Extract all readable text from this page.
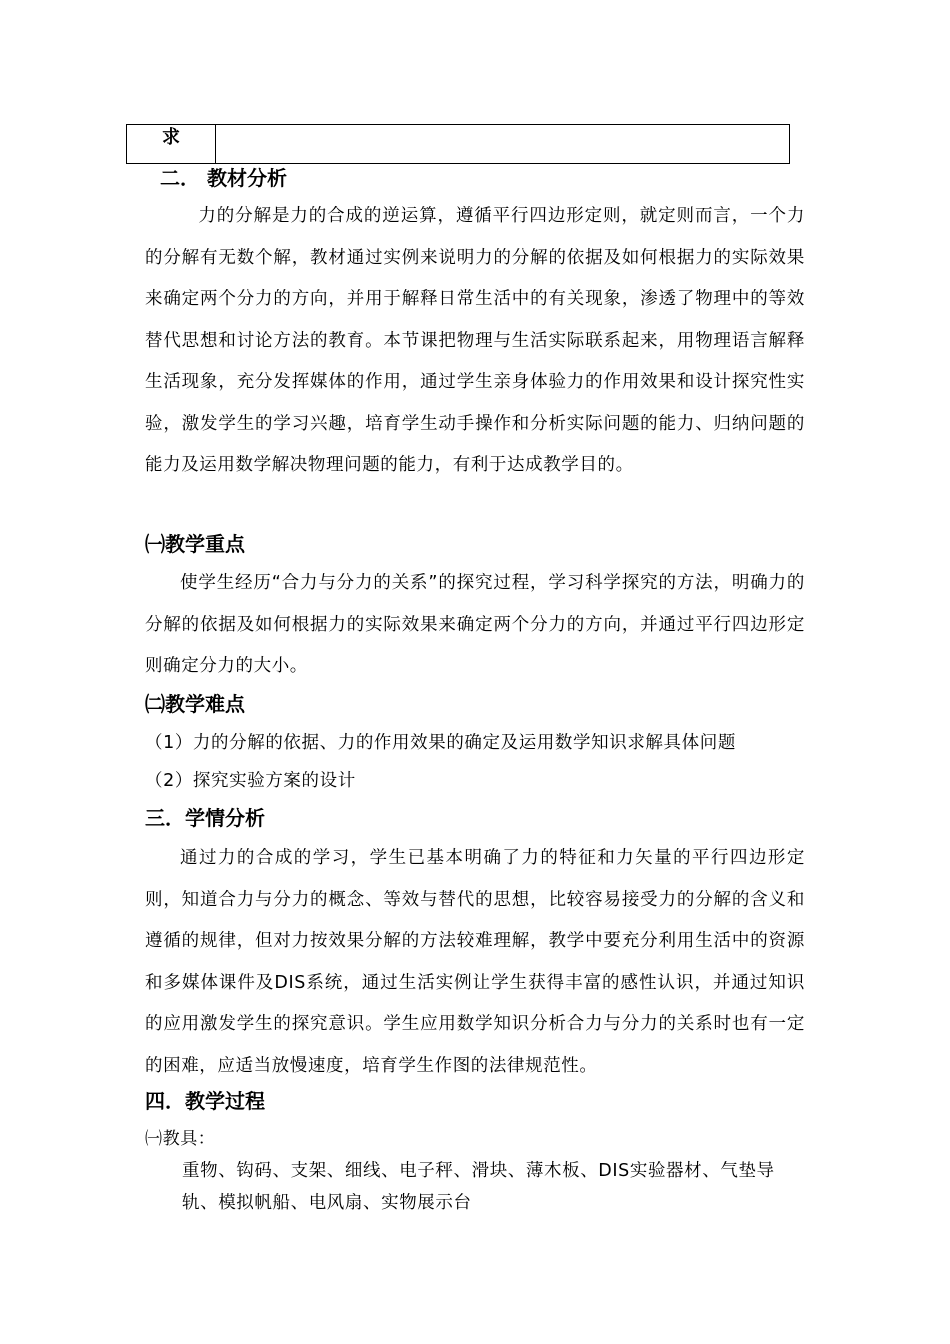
求	
二． 教材分析

　力的分解是力的合成的逆运算，遵循平行四边形定则，就定则而言，一个力的分解有无数个解，教材通过实例来说明力的分解的依据及如何根据力的实际效果来确定两个分力的方向，并用于解释日常生活中的有关现象，渗透了物理中的等效替代思想和讨论方法的教育。本节课把物理与生活实际联系起来，用物理语言解释生活现象，充分发挥媒体的作用，通过学生亲身体验力的作用效果和设计探究性实验，激发学生的学习兴趣，培育学生动手操作和分析实际问题的能力、归纳问题的能力及运用数学解决物理问题的能力，有利于达成教学目的。

㈠教学重点

使学生经历“合力与分力的关系”的探究过程，学习科学探究的方法，明确力的分解的依据及如何根据力的实际效果来确定两个分力的方向，并通过平行四边形定则确定分力的大小。

㈡教学难点
（1）力的分解的依据、力的作用效果的确定及运用数学知识求解具体问题
（2）探究实验方案的设计
三．学情分析

通过力的合成的学习，学生已基本明确了力的特征和力矢量的平行四边形定则，知道合力与分力的概念、等效与替代的思想，比较容易接受力的分解的含义和遵循的规律，但对力按效果分解的方法较难理解，教学中要充分利用生活中的资源和多媒体课件及DIS系统，通过生活实例让学生获得丰富的感性认识，并通过知识的应用激发学生的探究意识。学生应用数学知识分析合力与分力的关系时也有一定的困难，应适当放慢速度，培育学生作图的法律规范性。

四．教学过程
㈠教具：
重物、钩码、支架、细线、电子秤、滑块、薄木板、DIS实验器材、气垫导
轨、模拟帆船、电风扇、实物展示台
